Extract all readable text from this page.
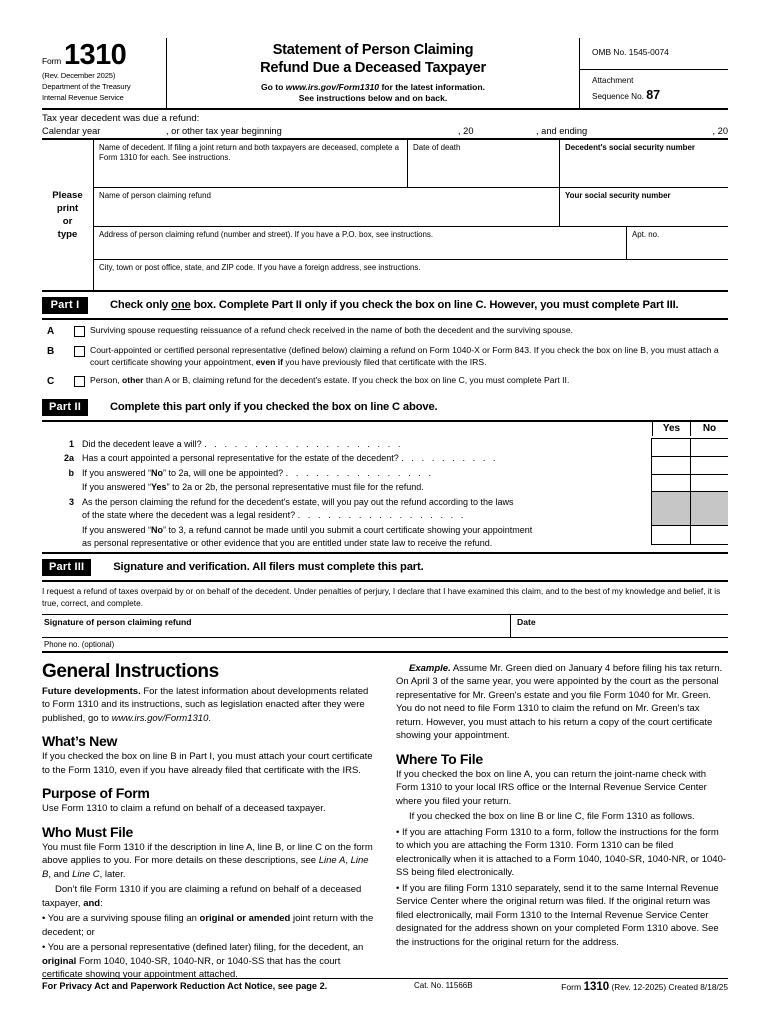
Form 1310
(Rev. December 2025)
Department of the Treasury
Internal Revenue Service
Statement of Person Claiming
Refund Due a Deceased Taxpayer
Go to www.irs.gov/Form1310 for the latest information.
See instructions below and on back.
OMB No. 1545-0074
Attachment
Sequence No. 87
Tax year decedent was due a refund:
Calendar year	, or other tax year beginning	, 20	, and ending	, 20
Please
print
or
type
Name of decedent. If filing a joint return and both taxpayers are deceased, complete a Form 1310 for each. See instructions.
Date of death	Decedent's social security number
Name of person claiming refund	Your social security number
Address of person claiming refund (number and street). If you have a P.O. box, see instructions.	Apt. no.
City, town or post office, state, and ZIP code. If you have a foreign address, see instructions.
Part I	Check only one box. Complete Part II only if you check the box on line C. However, you must complete Part III.
A	Surviving spouse requesting reissuance of a refund check received in the name of both the decedent and the surviving spouse.
B	Court-appointed or certified personal representative (defined below) claiming a refund on Form 1040-X or Form 843. If you check the box on line B, you must attach a court certificate showing your appointment, even if you have previously filed that certificate with the IRS.
C	Person, other than A or B, claiming refund for the decedent's estate. If you check the box on line C, you must complete Part II.
Part II	Complete this part only if you checked the box on line C above.
Yes	No
1 Did the decedent leave a will? . . . . . . . . . . . . . . . . . . . .
2a Has a court appointed a personal representative for the estate of the decedent? . . . . . . . . . .
b If you answered “No” to 2a, will one be appointed? . . . . . . . . . . . . . . .
If you answered “Yes” to 2a or 2b, the personal representative must file for the refund.
3 As the person claiming the refund for the decedent's estate, will you pay out the refund according to the laws
of the state where the decedent was a legal resident? . . . . . . . . . . . . . . . . .
If you answered “No” to 3, a refund cannot be made until you submit a court certificate showing your appointment
as personal representative or other evidence that you are entitled under state law to receive the refund.
Part III	Signature and verification. All filers must complete this part.
I request a refund of taxes overpaid by or on behalf of the decedent. Under penalties of perjury, I declare that I have examined this claim, and to the best of my knowledge and belief, it is true, correct, and complete.
Signature of person claiming refund	Date
Phone no. (optional)
General Instructions

Future developments. For the latest information about developments related to Form 1310 and its instructions, such as legislation enacted after they were published, go to www.irs.gov/Form1310.

What’s New

If you checked the box on line B in Part I, you must attach your court certificate to the Form 1310, even if you have already filed that certificate with the IRS.

Purpose of Form

Use Form 1310 to claim a refund on behalf of a deceased taxpayer.

Who Must File

You must file Form 1310 if the description in line A, line B, or line C on the form above applies to you. For more details on these descriptions, see Line A, Line B, and Line C, later.

Don’t file Form 1310 if you are claiming a refund on behalf of a deceased taxpayer, and:

• You are a surviving spouse filing an original or amended joint return with the decedent; or

• You are a personal representative (defined later) filing, for the decedent, an original Form 1040, 1040-SR, 1040-NR, or 1040-SS that has the court certificate showing your appointment attached.

Example. Assume Mr. Green died on January 4 before filing his tax return. On April 3 of the same year, you were appointed by the court as the personal representative for Mr. Green's estate and you file Form 1040 for Mr. Green. You do not need to file Form 1310 to claim the refund on Mr. Green's tax return. However, you must attach to his return a copy of the court certificate showing your appointment.

Where To File

If you checked the box on line A, you can return the joint-name check with Form 1310 to your local IRS office or the Internal Revenue Service Center where you filed your return.

If you checked the box on line B or line C, file Form 1310 as follows.

• If you are attaching Form 1310 to a form, follow the instructions for the form to which you are attaching the Form 1310. Form 1310 can be filed electronically when it is attached to a Form 1040, 1040-SR, 1040-NR, or 1040-SS being filed electronically.

• If you are filing Form 1310 separately, send it to the same Internal Revenue Service Center where the original return was filed. If the original return was filed electronically, mail Form 1310 to the Internal Revenue Service Center designated for the address shown on your completed Form 1310 above. See the instructions for the original return for the address.

For Privacy Act and Paperwork Reduction Act Notice, see page 2.	Cat. No. 11566B	Form 1310 (Rev. 12-2025) Created 8/18/25
